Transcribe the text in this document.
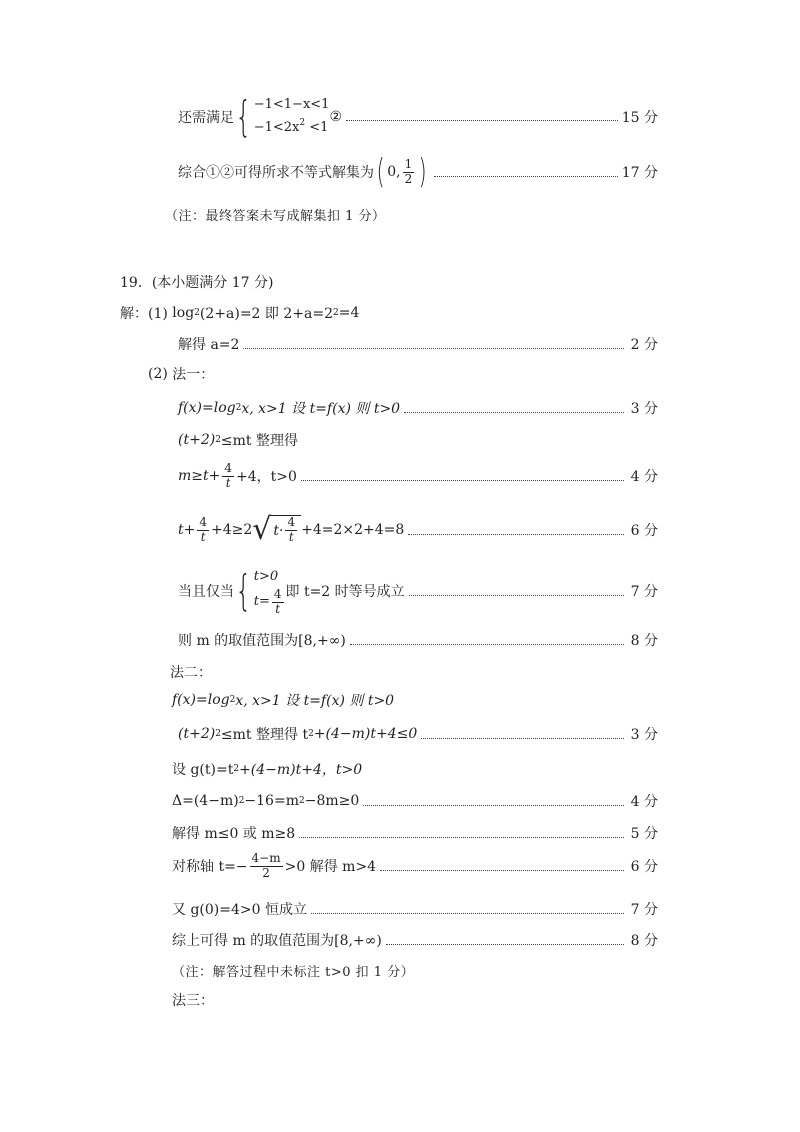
还需满足 { −1<1−x<1
$-1<2x^2 <1$
②	15 分
综合①②可得所求不等式解集为 ( 0, $\frac{1}{2}$ )	17 分
（注：最终答案未写成解集扣 1 分）
19．(本小题满分 17 分)
解：(1)
log 2 (2+a)=2 即 2+a=2 2 =4
解得 a=2	2 分
(2)
法一：
f(x)=log 2 x, x>1 设 t=f(x) 则 t>0	3 分
(t+2) 2 ≤mt 整理得
$m\ge t+ \frac{4}{t} +4$，t>0	4 分
$t+ \frac{4}{t} +4\ge 2$ √ $t\cdot \frac{4}{t} +4=2\times 2+4=8$	6 分
当且仅当 { t>0
$t= \frac{4}{t}$ 即 t=2 时等号成立	7 分
则 m 的取值范围为[8,+∞)	8 分
法二：
f(x)=log 2 x, x>1 设 t=f(x) 则 t>0
(t+2) 2 ≤mt 整理得 t 2 +(4−m)t+4≤0	3 分
设 g(t)=t 2 +(4−m)t+4，t>0
Δ=(4−m) 2 −16=m 2 −8m≥0	4 分
解得 m≤0 或 m≥8	5 分
对称轴 $t=- \frac{4-m}{2} >0$ 解得 m>4	6 分
又 g(0)=4>0 恒成立	7 分
综上可得 m 的取值范围为[8,+∞)	8 分
（注：解答过程中未标注 t>0 扣 1 分）
法三：
